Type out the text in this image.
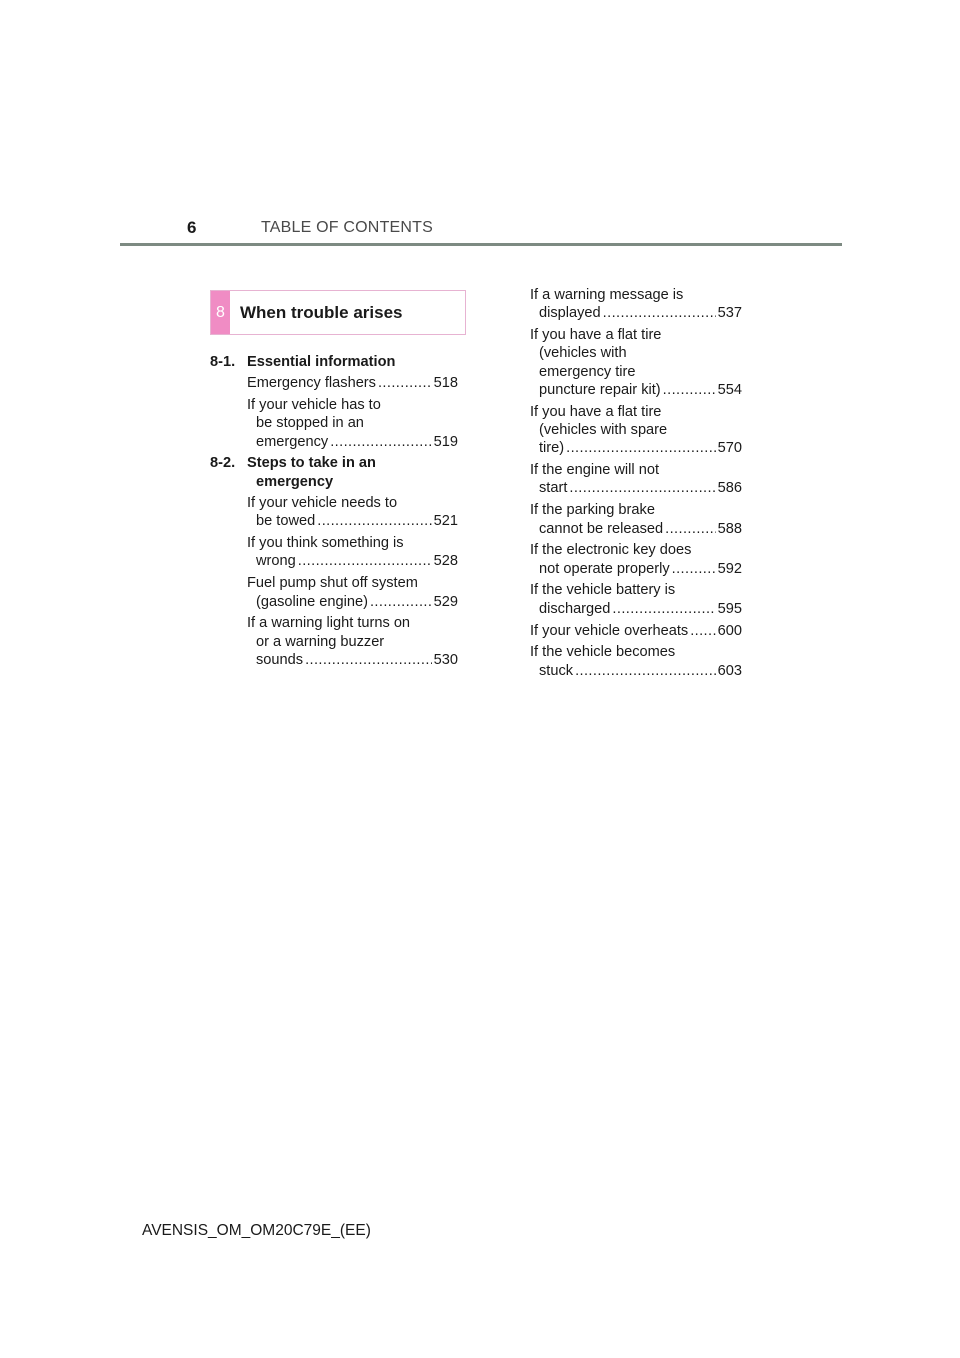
6	TABLE OF CONTENTS
8 When trouble arises
8-1. Essential information
Emergency flashers .....	518
If your vehicle has to
be stopped in an
emergency .....	519
8-2. Steps to take in an
emergency
If your vehicle needs to
be towed .....	521
If you think something is
wrong .....	528
Fuel pump shut off system
(gasoline engine) .....	529
If a warning light turns on
or a warning buzzer
sounds .....	530
If a warning message is
displayed .....	537
If you have a flat tire
(vehicles with
emergency tire
puncture repair kit) .....	554
If you have a flat tire
(vehicles with spare
tire) .....	570
If the engine will not
start .....	586
If the parking brake
cannot be released .....	588
If the electronic key does
not operate properly .....	592
If the vehicle battery is
discharged .....	595
If your vehicle overheats ..... 600
If the vehicle becomes
stuck .....	603
AVENSIS_OM_OM20C79E_(EE)
